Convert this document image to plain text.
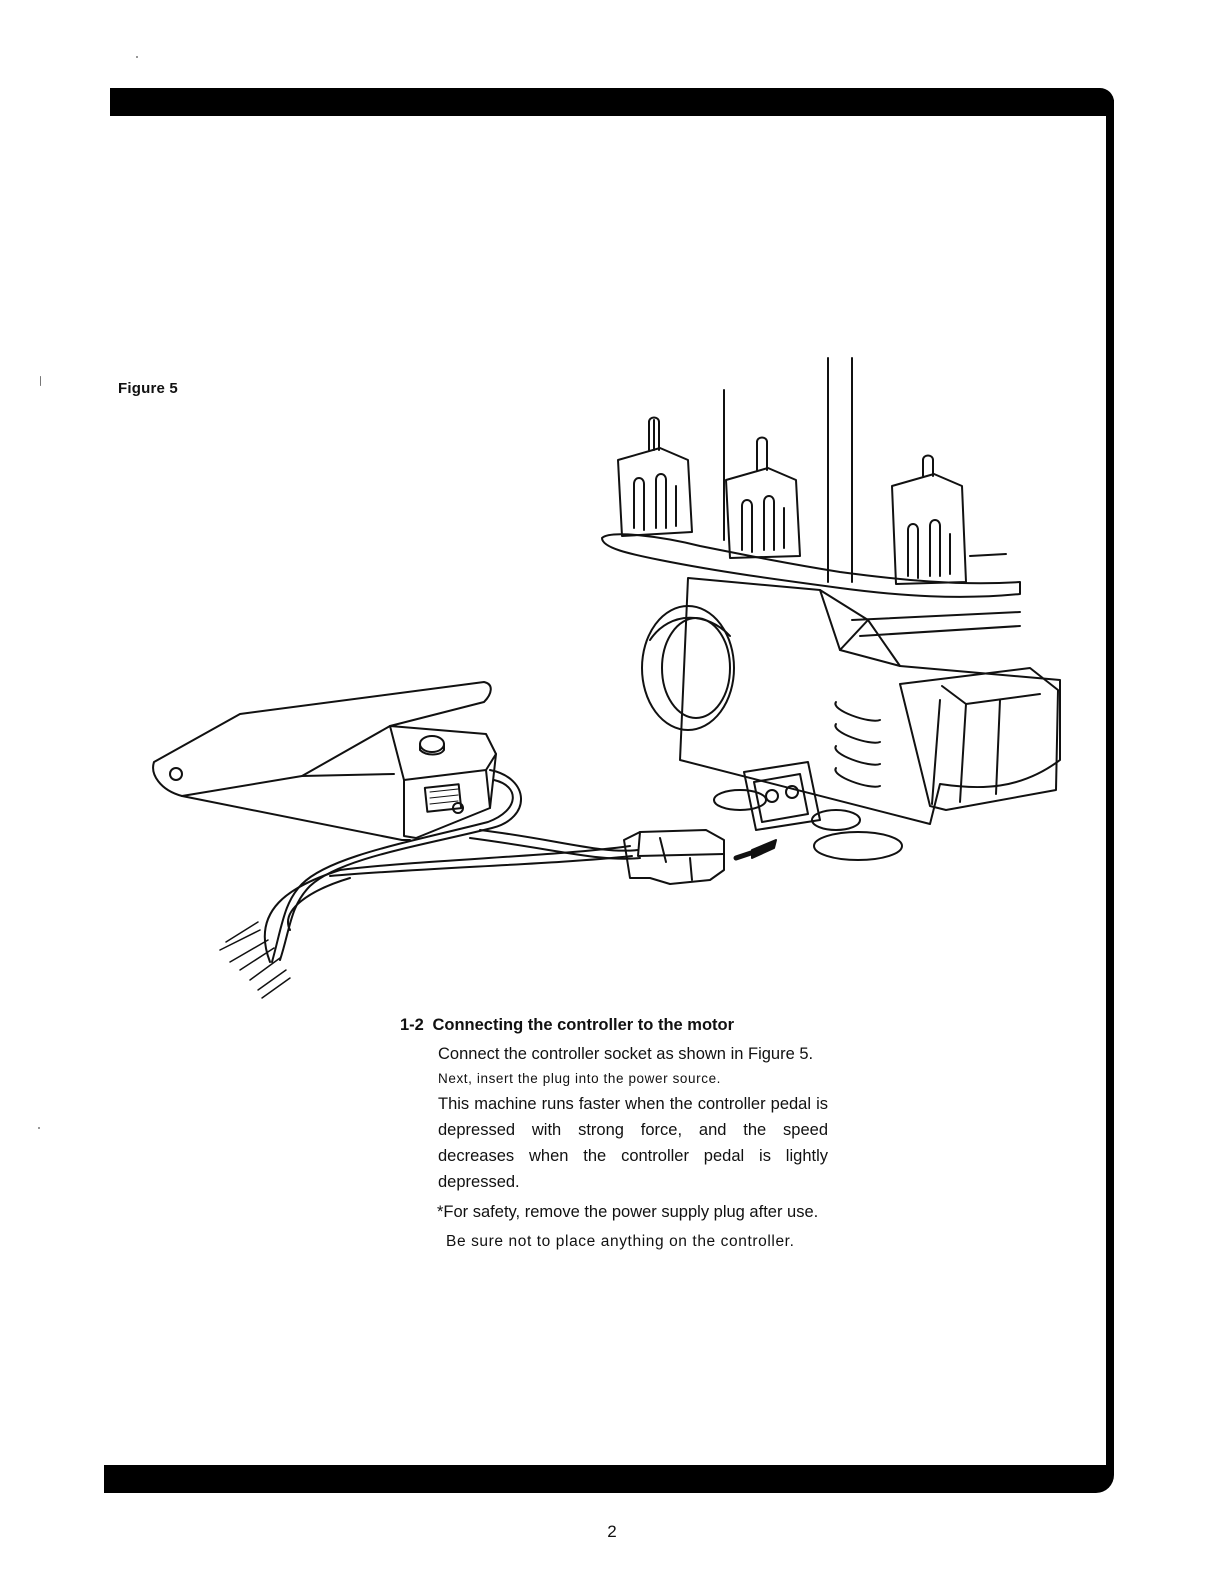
Figure 5

1-2 Connecting the controller to the motor

Connect the controller socket as shown in Figure 5.

Next, insert the plug into the power source.

This machine runs faster when the controller pedal is depressed with strong force, and the speed decreases when the controller pedal is lightly depressed.

*For safety, remove the power supply plug after use.

Be sure not to place anything on the controller.

2
